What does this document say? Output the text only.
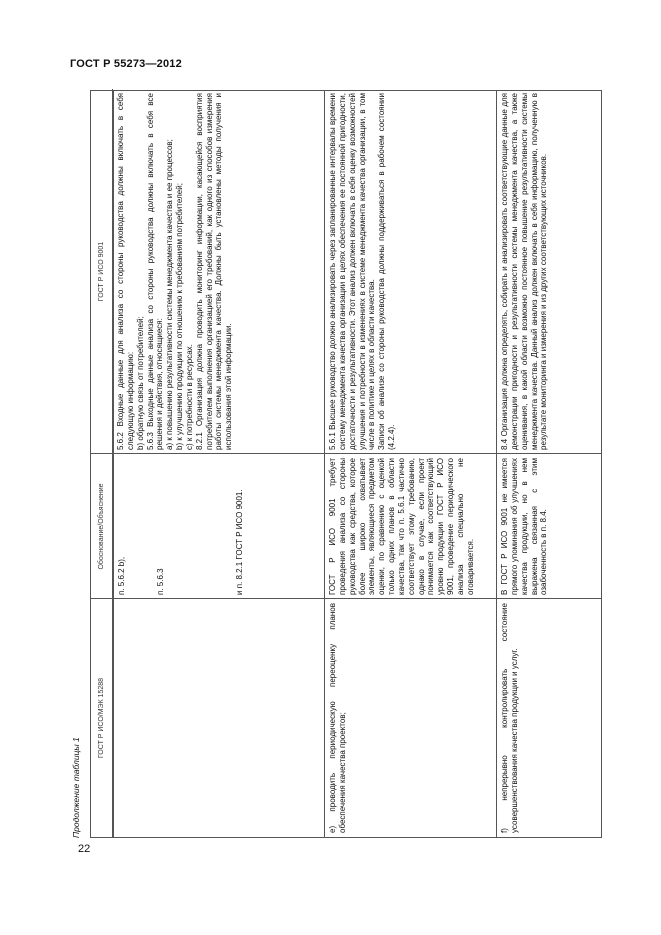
ГОСТ Р 55273—2012
22
Продолжение таблицы 1
ГОСТ Р ИСО/МЭК 15288
Обоснование/Объяснение
ГОСТ Р ИСО 9001
п. 5.6.2 b),	п. 5.6.3	и п. 8.2.1 ГОСТ Р ИСО 9001.

5.6.2 Входные данные для анализа со стороны руководства должны включать в себя следующую информацию: b) обратную связь от потребителей; 5.6.3 Выходные данные анализа со стороны руководства должны включать в себя все решения и действия, относящиеся: a) к повышению результативности системы менеджмента качества и ее процессов; b) к улучшению продукции по отношению к требованиям потребителей; c) к потребности в ресурсах. 8.2.1 Организация должна проводить мониторинг информации, касающейся восприятия потребителем выполнения организацией его требований, как одного из способов измерения работы системы менеджмента качества. Должны быть установлены методы получения и использования этой информации.

e) проводить периодическую переоценку планов обеспечения качества проектов;

ГОСТ Р ИСО 9001 требует проведения анализа со стороны руководства как средства, которое более широко охватывает элементы, являющиеся предметом оценки, по сравнению с оценкой только одних планов в области качества, так что п. 5.6.1 частично соответствует этому требованию, однако в случае, если проект понимается как соответствующий уровню продукции ГОСТ Р ИСО 9001, проведение периодического анализа специально не оговаривается.

5.6.1 Высшее руководство должно анализировать через запланированные интервалы времени систему менеджмента качества организации в целях обеспечения ее постоянной пригодности, достаточности и результативности. Этот анализ должен включать в себя оценку возможностей улучшения и потребности в изменениях в системе менеджмента качества организации, в том числе в политике и целях в области качества. Записи об анализе со стороны руководства должны поддерживаться в рабочем состоянии (4.2.4).

f) непрерывно контролировать состояние усовершенствования качества продукции и услуг.

В ГОСТ Р ИСО 9001 не имеется прямого упоминания об улучшениях качества продукции, но в нем выражена связанная с этим озабоченность в п. 8.4.

8.4 Организация должна определять, собирать и анализировать соответствующие данные для демонстрации пригодности и результативности системы менеджмента качества, а также оценивания, в какой области возможно постоянное повышение результативности системы менеджмента качества. Данный анализ должен включать в себя информацию, полученную в результате мониторинга и измерения и из других соответствующих источников.
